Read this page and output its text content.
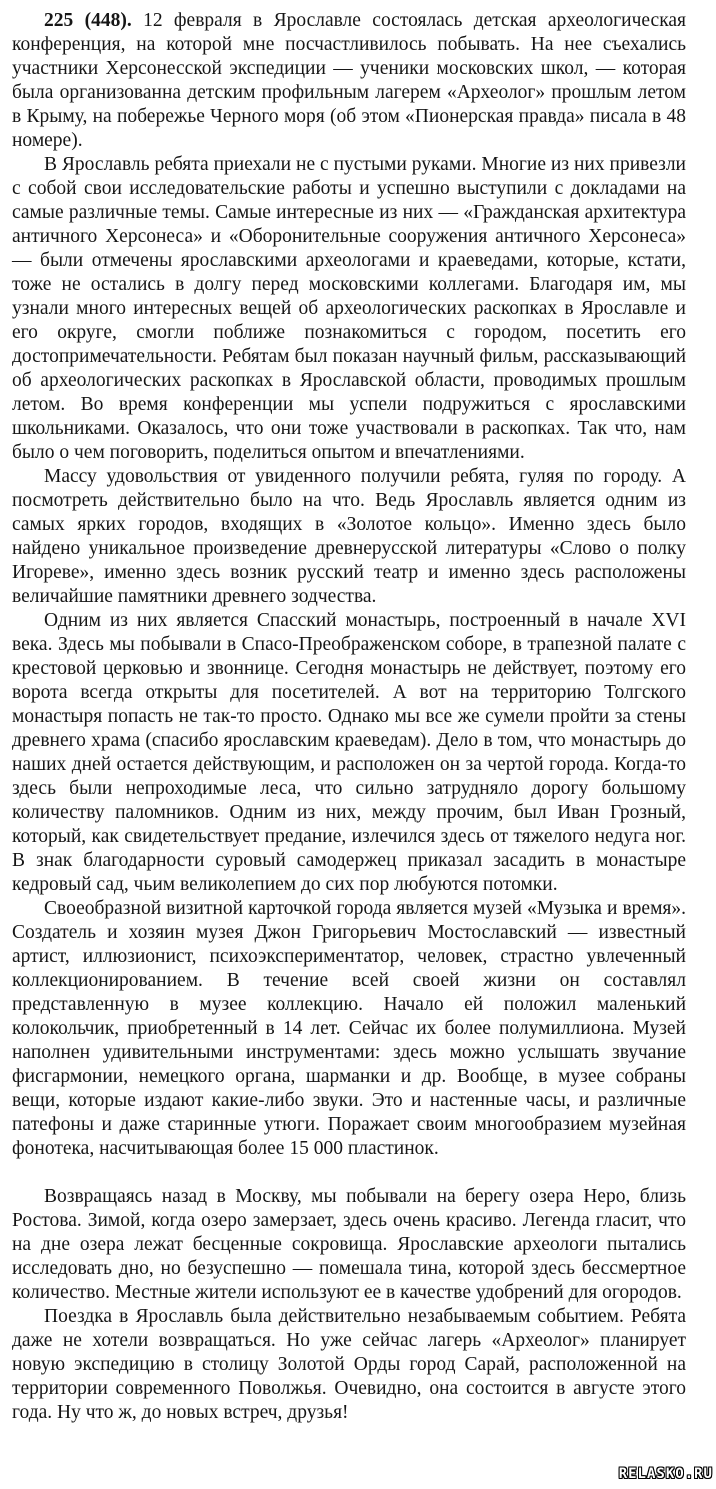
225 (448). 12 февраля в Ярославле состоялась детская археологическая конференция, на которой мне посчастливилось побывать. На нее съехались участники Херсонесской экспедиции — ученики московских школ, — которая была организованна детским профильным лагерем «Археолог» прошлым летом в Крыму, на побережье Черного моря (об этом «Пионерская правда» писала в 48 номере).

В Ярославль ребята приехали не с пустыми руками. Многие из них привезли с собой свои исследовательские работы и успешно выступили с докладами на самые различные темы. Самые интересные из них — «Гражданская архитектура античного Херсонеса» и «Оборонительные сооружения античного Херсонеса» — были отмечены ярославскими археологами и краеведами, которые, кстати, тоже не остались в долгу перед московскими коллегами. Благодаря им, мы узнали много интересных вещей об археологических раскопках в Ярославле и его округе, смогли поближе познакомиться с городом, посетить его достопримечательности. Ребятам был показан научный фильм, рассказывающий об археологических раскопках в Ярославской области, проводимых прошлым летом. Во время конференции мы успели подружиться с ярославскими школьниками. Оказалось, что они тоже участвовали в раскопках. Так что, нам было о чем поговорить, поделиться опытом и впечатлениями.

Массу удовольствия от увиденного получили ребята, гуляя по городу. А посмотреть действительно было на что. Ведь Ярославль является одним из самых ярких городов, входящих в «Золотое кольцо». Именно здесь было найдено уникальное произведение древнерусской литературы «Слово о полку Игореве», именно здесь возник русский театр и именно здесь расположены величайшие памятники древнего зодчества.

Одним из них является Спасский монастырь, построенный в начале XVI века. Здесь мы побывали в Спасо-Преображенском соборе, в трапезной палате с крестовой церковью и звоннице. Сегодня монастырь не действует, поэтому его ворота всегда открыты для посетителей. А вот на территорию Толгского монастыря попасть не так-то просто. Однако мы все же сумели пройти за стены древнего храма (спасибо ярославским краеведам). Дело в том, что монастырь до наших дней остается действующим, и расположен он за чертой города. Когда-то здесь были непроходимые леса, что сильно затрудняло дорогу большому количеству паломников. Одним из них, между прочим, был Иван Грозный, который, как свидетельствует предание, излечился здесь от тяжелого недуга ног. В знак благодарности суровый самодержец приказал засадить в монастыре кедровый сад, чьим великолепием до сих пор любуются потомки.

Своеобразной визитной карточкой города является музей «Музыка и время». Создатель и хозяин музея Джон Григорьевич Мостославский — известный артист, иллюзионист, психоэкспериментатор, человек, страстно увлеченный коллекционированием. В течение всей своей жизни он составлял представленную в музее коллекцию. Начало ей положил маленький колокольчик, приобретенный в 14 лет. Сейчас их более полумиллиона. Музей наполнен удивительными инструментами: здесь можно услышать звучание фисгармонии, немецкого органа, шарманки и др. Вообще, в музее собраны вещи, которые издают какие-либо звуки. Это и настенные часы, и различные патефоны и даже старинные утюги. Поражает своим многообразием музейная фонотека, насчитывающая более 15 000 пластинок.

Возвращаясь назад в Москву, мы побывали на берегу озера Неро, близь Ростова. Зимой, когда озеро замерзает, здесь очень красиво. Легенда гласит, что на дне озера лежат бесценные сокровища. Ярославские археологи пытались исследовать дно, но безуспешно — помешала тина, которой здесь бессмертное количество. Местные жители используют ее в качестве удобрений для огородов.

Поездка в Ярославль была действительно незабываемым событием. Ребята даже не хотели возвращаться. Но уже сейчас лагерь «Археолог» планирует новую экспедицию в столицу Золотой Орды город Сарай, расположенной на территории современного Поволжья. Очевидно, она состоится в августе этого года. Ну что ж, до новых встреч, друзья!

RELASKO.RU
